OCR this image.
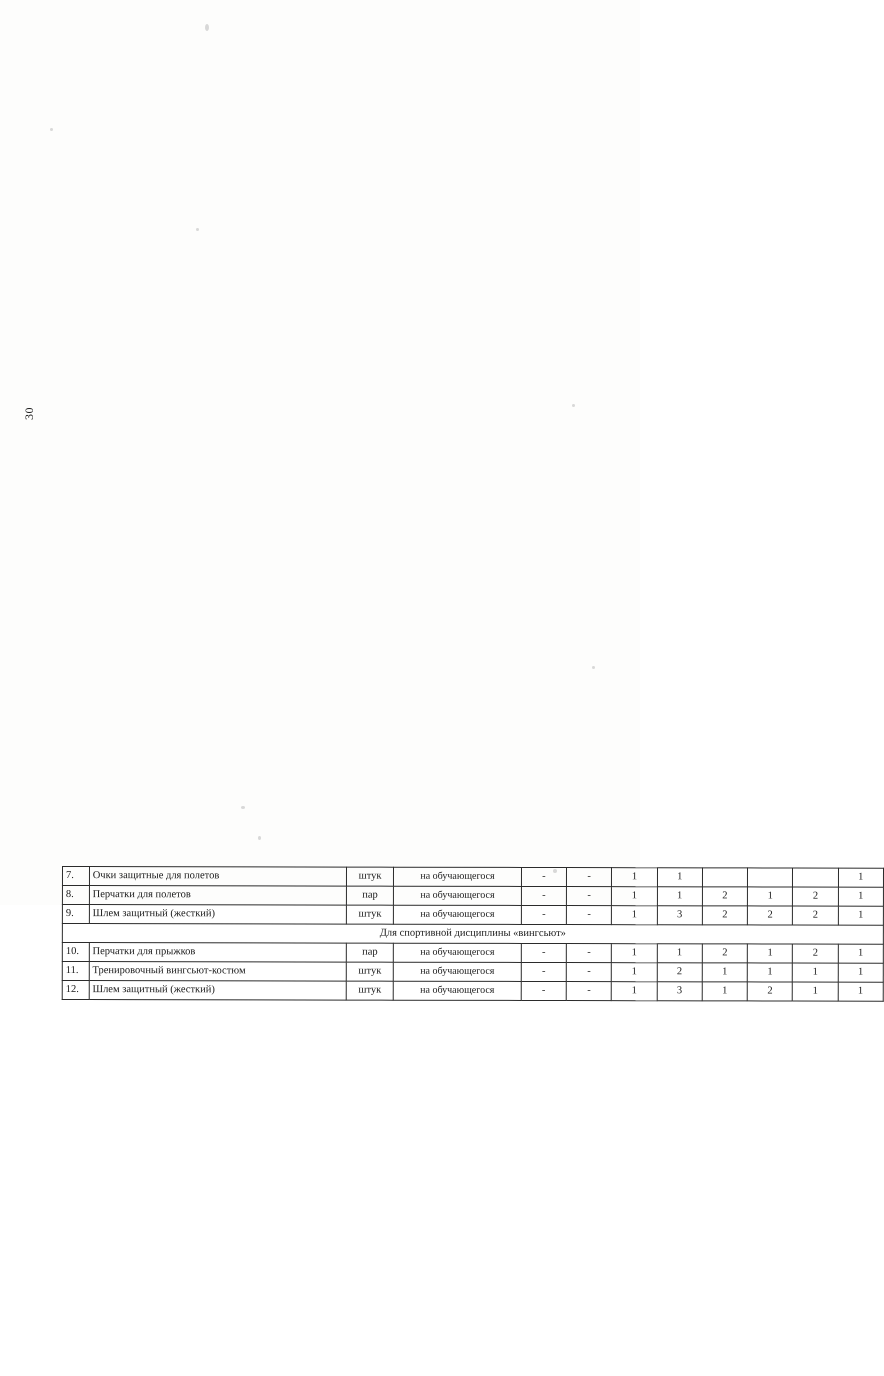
30
7.	Очки защитные для полетов	штук	на обучающегося	-	-	1	1				1
8.	Перчатки для полетов	пар	на обучающегося	-	-	1	1	2	1	2	1
9.	Шлем защитный (жесткий)	штук	на обучающегося	-	-	1	3	2	2	2	1
Для спортивной дисциплины «вингсьют»											
10.	Перчатки для прыжков	пар	на обучающегося	-	-	1	1	2	1	2	1
11.	Тренировочный вингсьют-костюм	штук	на обучающегося	-	-	1	2	1	1	1	1
12.	Шлем защитный (жесткий)	штук	на обучающегося	-	-	1	3	1	2	1	1
